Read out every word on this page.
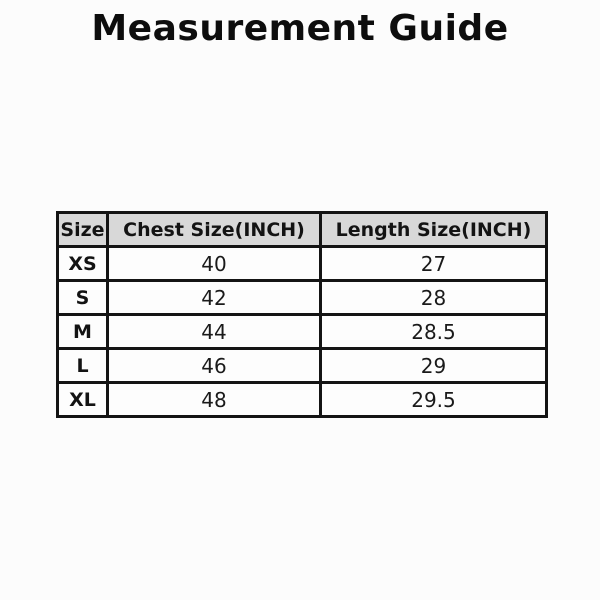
Measurement Guide
Size	Chest Size(INCH)	Length Size(INCH)
XS	40	27
S	42	28
M	44	28.5
L	46	29
XL	48	29.5
